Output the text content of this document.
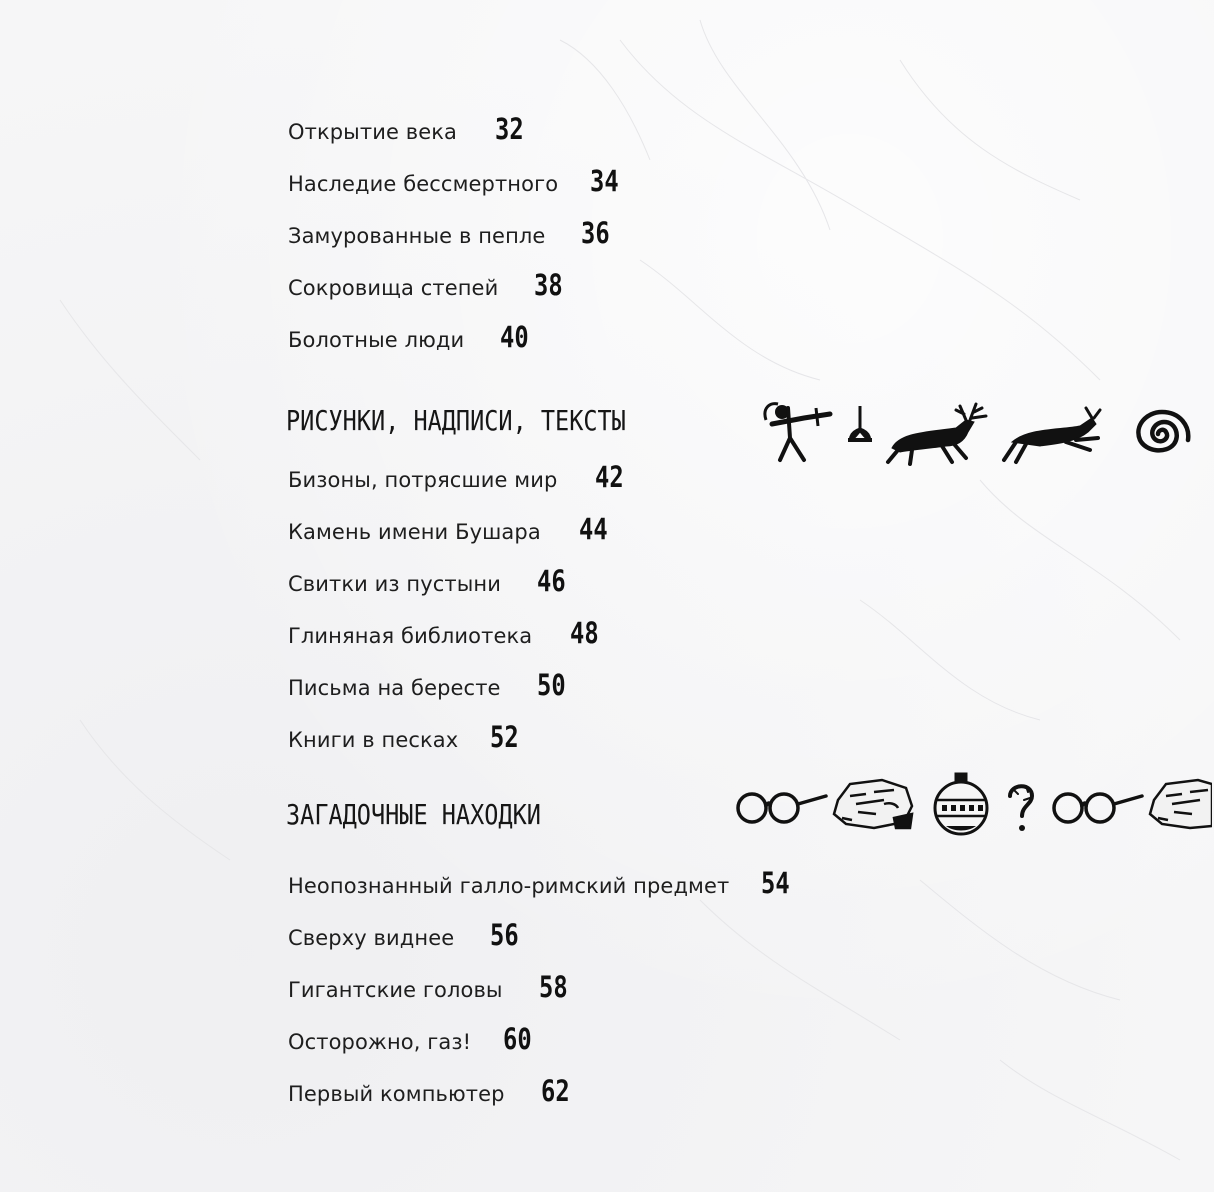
Открытие века 32
Наследие бессмертного 34
Замурованные в пепле 36
Сокровища степей 38
Болотные люди 40
РИСУНКИ, НАДПИСИ, ТЕКСТЫ
Бизоны, потрясшие мир 42
Камень имени Бушара 44
Свитки из пустыни 46
Глиняная библиотека 48
Письма на бересте 50
Книги в песках 52
ЗАГАДОЧНЫЕ НАХОДКИ
Неопознанный галло-римский предмет 54
Сверху виднее 56
Гигантские головы 58
Осторожно, газ! 60
Первый компьютер 62
